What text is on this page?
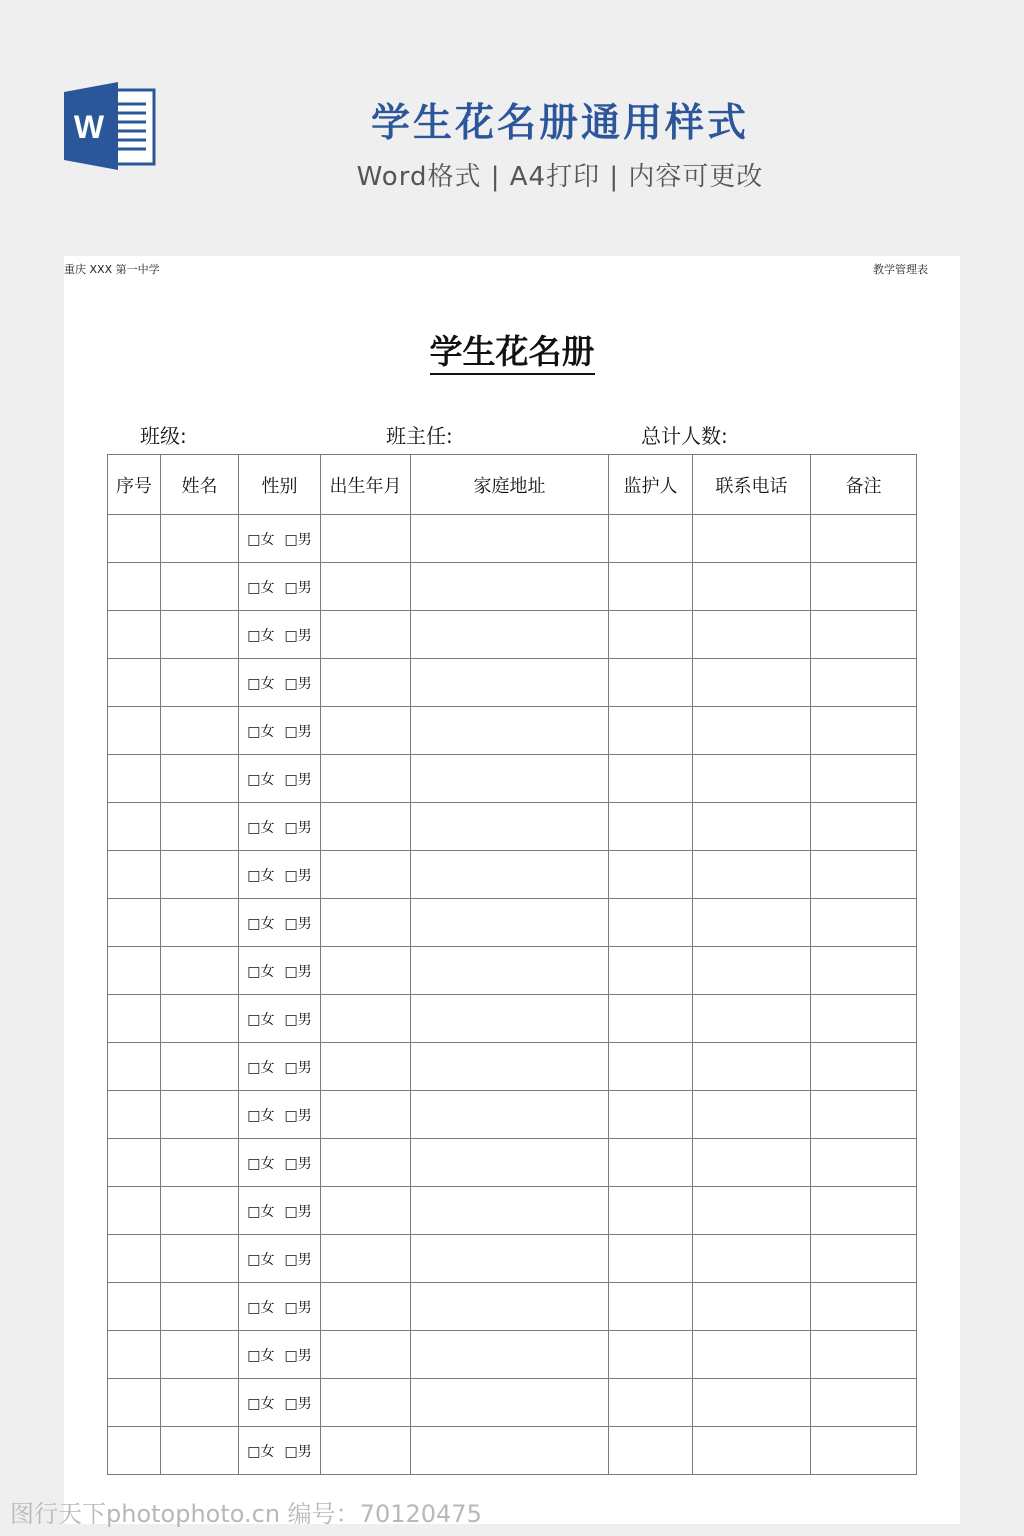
W	学生花名册通用样式
Word格式 | A4打印 | 内容可更改
重庆 XXX 第一中学	教学管理表
学生花名册
班级:	班主任:	总计人数:
序号	姓名	性别	出生年月	家庭地址	监护人	联系电话	备注
		□女 □男					
		□女 □男					
		□女 □男					
		□女 □男					
		□女 □男					
		□女 □男					
		□女 □男					
		□女 □男					
		□女 □男					
		□女 □男					
		□女 □男					
		□女 □男					
		□女 □男					
		□女 □男					
		□女 □男					
		□女 □男					
		□女 □男					
		□女 □男					
		□女 □男					
		□女 □男					
图行天下photophoto.cn 编号：70120475
